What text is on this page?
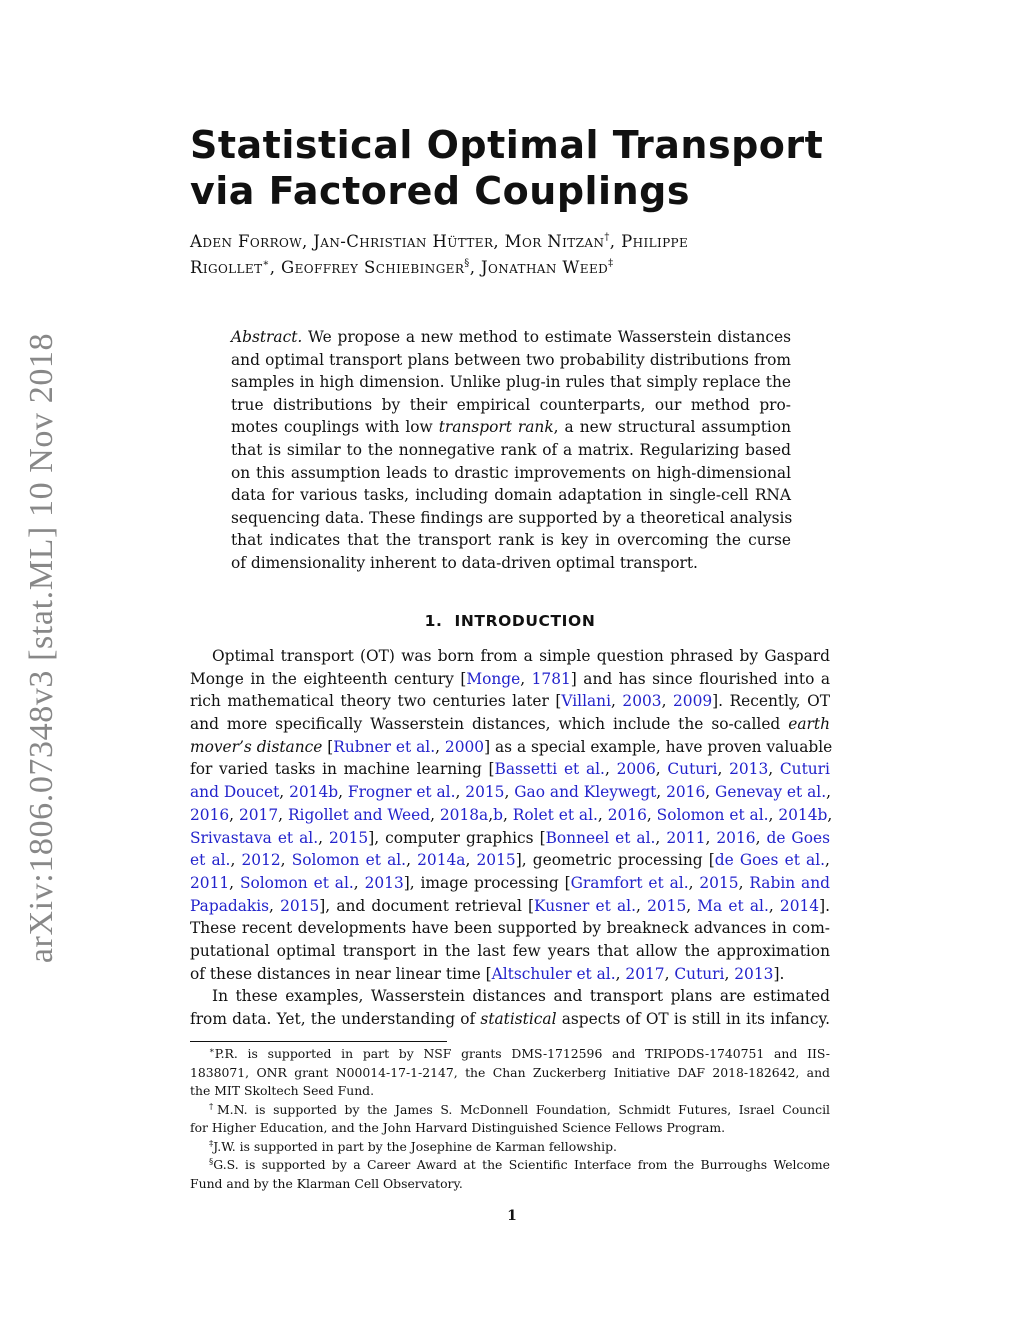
arXiv:1806.07348v3 [stat.ML] 10 Nov 2018
Statistical Optimal Transport
via Factored Couplings
Aden Forrow, Jan-Christian Hütter, Mor Nitzan†, Philippe
Rigollet∗, Geoffrey Schiebinger§, Jonathan Weed‡
Abstract. We propose a new method to estimate Wasserstein distances
and optimal transport plans between two probability distributions from
samples in high dimension. Unlike plug-in rules that simply replace the
true distributions by their empirical counterparts, our method pro-
motes couplings with low transport rank, a new structural assumption
that is similar to the nonnegative rank of a matrix. Regularizing based
on this assumption leads to drastic improvements on high-dimensional
data for various tasks, including domain adaptation in single-cell RNA
sequencing data. These findings are supported by a theoretical analysis
that indicates that the transport rank is key in overcoming the curse
of dimensionality inherent to data-driven optimal transport.
1. INTRODUCTION
Optimal transport (OT) was born from a simple question phrased by Gaspard
Monge in the eighteenth century [Monge, 1781] and has since flourished into a
rich mathematical theory two centuries later [Villani, 2003, 2009]. Recently, OT
and more specifically Wasserstein distances, which include the so-called earth
mover’s distance [Rubner et al., 2000] as a special example, have proven valuable
for varied tasks in machine learning [Bassetti et al., 2006, Cuturi, 2013, Cuturi
and Doucet, 2014b, Frogner et al., 2015, Gao and Kleywegt, 2016, Genevay et al.,
2016, 2017, Rigollet and Weed, 2018a,b, Rolet et al., 2016, Solomon et al., 2014b,
Srivastava et al., 2015], computer graphics [Bonneel et al., 2011, 2016, de Goes
et al., 2012, Solomon et al., 2014a, 2015], geometric processing [de Goes et al.,
2011, Solomon et al., 2013], image processing [Gramfort et al., 2015, Rabin and
Papadakis, 2015], and document retrieval [Kusner et al., 2015, Ma et al., 2014].
These recent developments have been supported by breakneck advances in com-
putational optimal transport in the last few years that allow the approximation
of these distances in near linear time [Altschuler et al., 2017, Cuturi, 2013].
In these examples, Wasserstein distances and transport plans are estimated
from data. Yet, the understanding of statistical aspects of OT is still in its infancy.
∗P.R. is supported in part by NSF grants DMS-1712596 and TRIPODS-1740751 and IIS-
1838071, ONR grant N00014-17-1-2147, the Chan Zuckerberg Initiative DAF 2018-182642, and
the MIT Skoltech Seed Fund.
†M.N. is supported by the James S. McDonnell Foundation, Schmidt Futures, Israel Council
for Higher Education, and the John Harvard Distinguished Science Fellows Program.
‡J.W. is supported in part by the Josephine de Karman fellowship.
§G.S. is supported by a Career Award at the Scientific Interface from the Burroughs Welcome
Fund and by the Klarman Cell Observatory.
1
